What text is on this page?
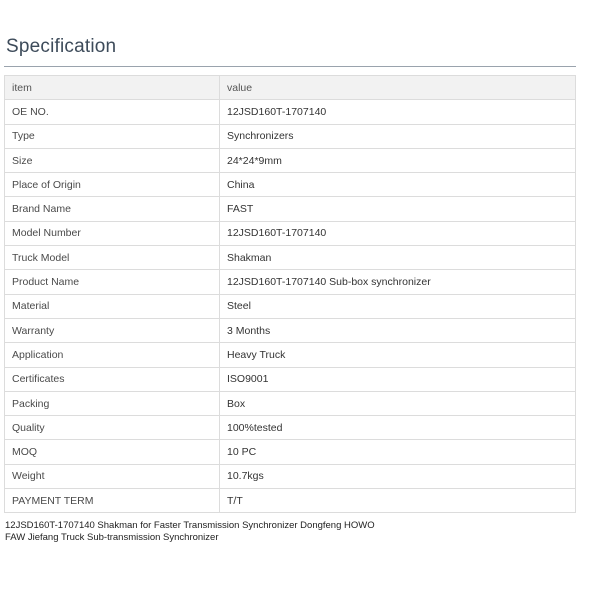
Specification
item	value
OE NO.	12JSD160T-1707140
Type	Synchronizers
Size	24*24*9mm
Place of Origin	China
Brand Name	FAST
Model Number	12JSD160T-1707140
Truck Model	Shakman
Product Name	12JSD160T-1707140 Sub-box synchronizer
Material	Steel
Warranty	3 Months
Application	Heavy Truck
Certificates	ISO9001
Packing	Box
Quality	100%tested
MOQ	10 PC
Weight	10.7kgs
PAYMENT TERM	T/T

12JSD160T-1707140 Shakman for Faster Transmission Synchronizer Dongfeng HOWO
FAW Jiefang Truck Sub-transmission Synchronizer
